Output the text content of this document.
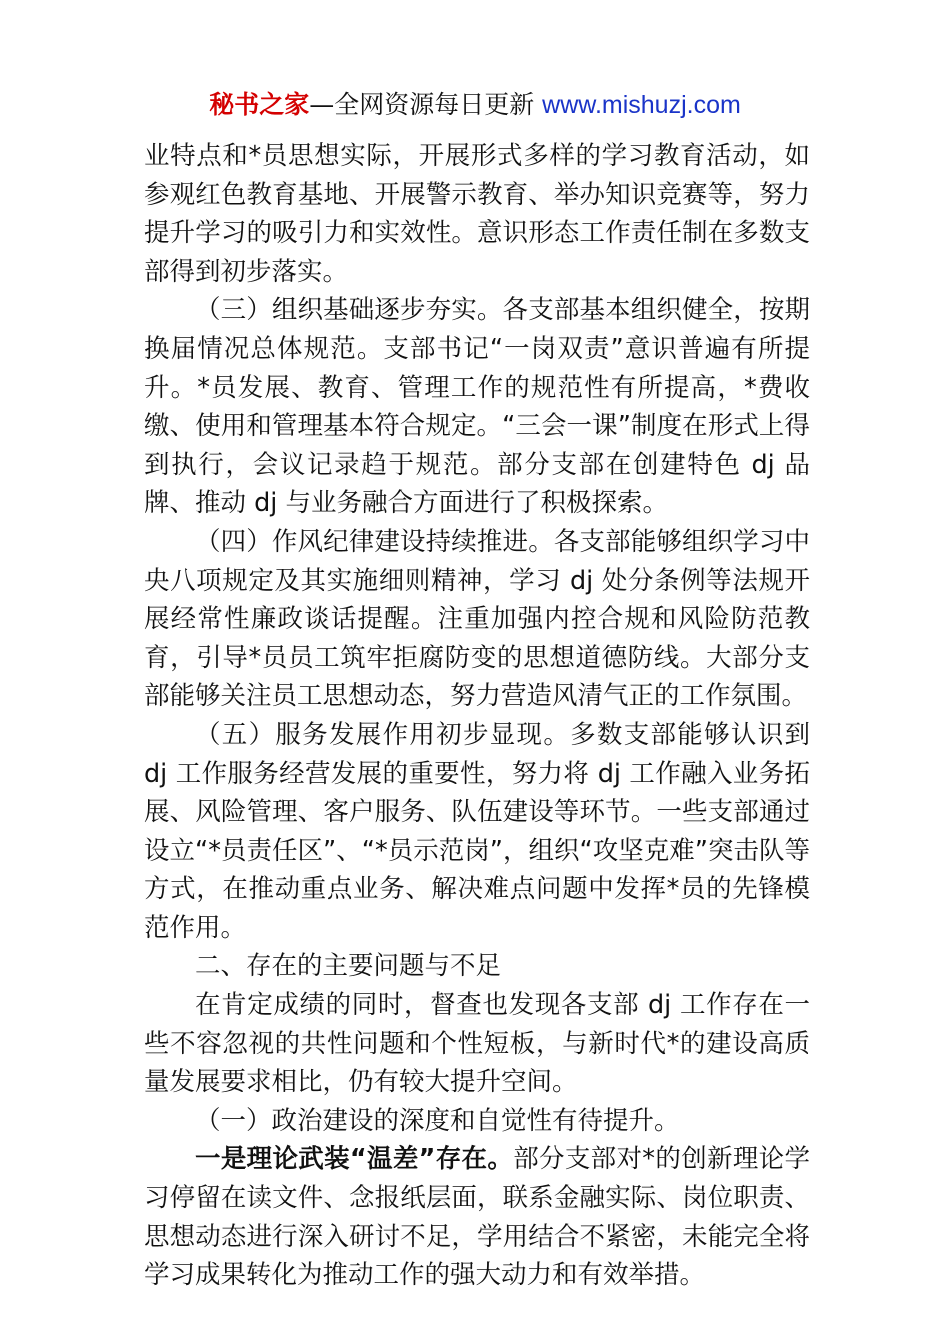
秘书之家—全网资源每日更新 www.mishuzj.com

业特点和*员思想实际，开展形式多样的学习教育活动，如参观红色教育基地、开展警示教育、举办知识竞赛等，努力提升学习的吸引力和实效性。意识形态工作责任制在多数支部得到初步落实。

（三）组织基础逐步夯实。各支部基本组织健全，按期换届情况总体规范。支部书记“一岗双责”意识普遍有所提升。*员发展、教育、管理工作的规范性有所提高，*费收缴、使用和管理基本符合规定。“三会一课”制度在形式上得到执行，会议记录趋于规范。部分支部在创建特色 dj 品牌、推动 dj 与业务融合方面进行了积极探索。

（四）作风纪律建设持续推进。各支部能够组织学习中央八项规定及其实施细则精神，学习 dj 处分条例等法规开展经常性廉政谈话提醒。注重加强内控合规和风险防范教育，引导*员员工筑牢拒腐防变的思想道德防线。大部分支部能够关注员工思想动态，努力营造风清气正的工作氛围。

（五）服务发展作用初步显现。多数支部能够认识到 dj 工作服务经营发展的重要性，努力将 dj 工作融入业务拓展、风险管理、客户服务、队伍建设等环节。一些支部通过设立“*员责任区”、“*员示范岗”，组织“攻坚克难”突击队等方式，在推动重点业务、解决难点问题中发挥*员的先锋模范作用。

二、存在的主要问题与不足

在肯定成绩的同时，督查也发现各支部 dj 工作存在一些不容忽视的共性问题和个性短板，与新时代*的建设高质量发展要求相比，仍有较大提升空间。

（一）政治建设的深度和自觉性有待提升。

一是理论武装“温差”存在。部分支部对*的创新理论学习停留在读文件、念报纸层面，联系金融实际、岗位职责、思想动态进行深入研讨不足，学用结合不紧密，未能完全将学习成果转化为推动工作的强大动力和有效举措。
